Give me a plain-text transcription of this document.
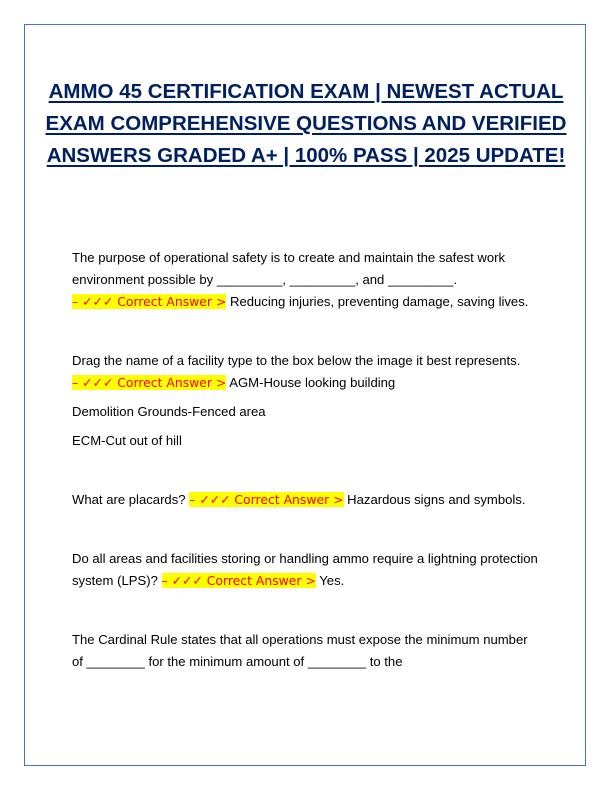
AMMO 45 CERTIFICATION EXAM | NEWEST ACTUAL EXAM COMPREHENSIVE QUESTIONS AND VERIFIED ANSWERS GRADED A+ | 100% PASS | 2025 UPDATE!

The purpose of operational safety is to create and maintain the safest work environment possible by _________, _________, and _________. – ✓✓✓ Correct Answer > Reducing injuries, preventing damage, saving lives.

Drag the name of a facility type to the box below the image it best represents. – ✓✓✓ Correct Answer > AGM-House looking building

Demolition Grounds-Fenced area

ECM-Cut out of hill

What are placards? – ✓✓✓ Correct Answer > Hazardous signs and symbols.

Do all areas and facilities storing or handling ammo require a lightning protection system (LPS)? – ✓✓✓ Correct Answer > Yes.

The Cardinal Rule states that all operations must expose the minimum number of ________ for the minimum amount of ________ to the
